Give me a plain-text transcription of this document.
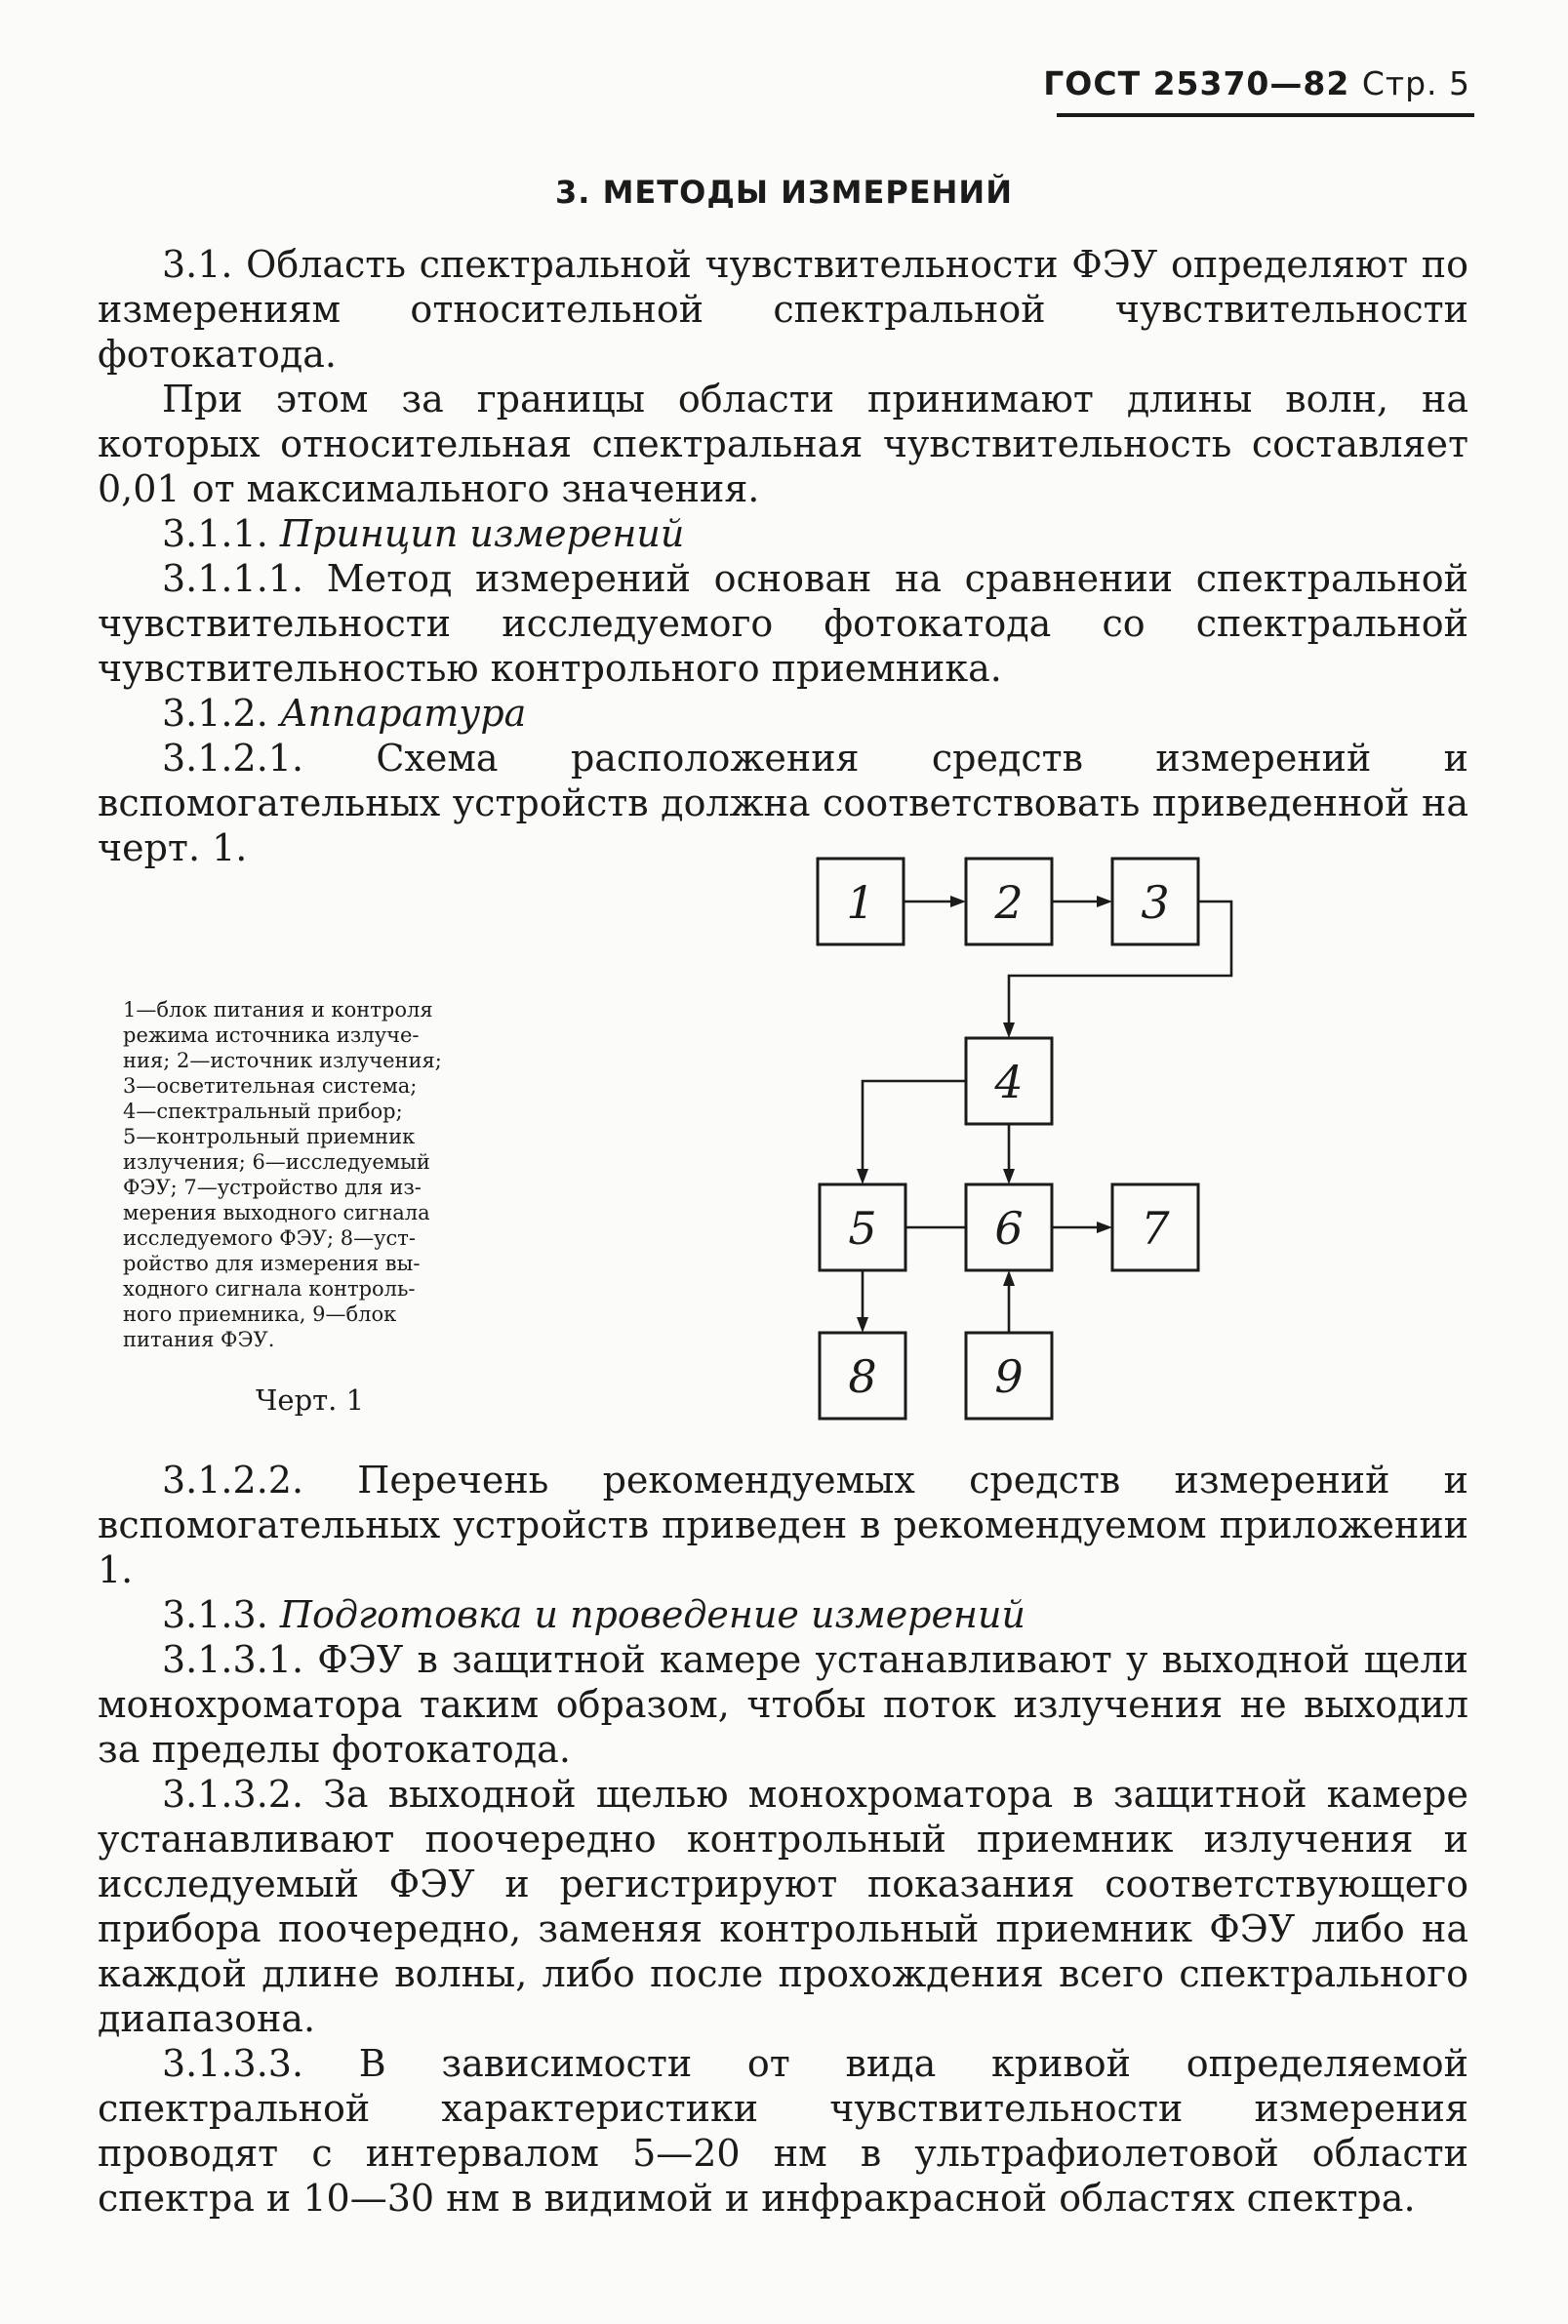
ГОСТ 25370—82 Стр. 5
3. МЕТОДЫ ИЗМЕРЕНИЙ

3.1. Область спектральной чувствительности ФЭУ определяют по измерениям относительной спектральной чувствительности фотокатода.

При этом за границы области принимают длины волн, на которых относительная спектральная чувствительность составляет 0,01 от максимального значения.

3.1.1. Принцип измерений

3.1.1.1. Метод измерений основан на сравнении спектральной чувствительности исследуемого фотокатода со спектральной чувствительностью контрольного приемника.

3.1.2. Аппаратура

3.1.2.1. Схема расположения средств измерений и вспомогательных устройств должна соответствовать приведенной на черт. 1.

1—блок питания и контроля
режима источника излуче-
ния; 2—источник излучения;
3—осветительная система;
4—спектральный прибор;
5—контрольный приемник
излучения; 6—исследуемый
ФЭУ; 7—устройство для из-
мерения выходного сигнала
исследуемого ФЭУ; 8—уст-
ройство для измерения вы-
ходного сигнала контроль-
ного приемника, 9—блок
питания ФЭУ.
Черт. 1
1	2	3
4
5	6	7
8	9

3.1.2.2. Перечень рекомендуемых средств измерений и вспомогательных устройств приведен в рекомендуемом приложении 1.

3.1.3. Подготовка и проведение измерений

3.1.3.1. ФЭУ в защитной камере устанавливают у выходной щели монохроматора таким образом, чтобы поток излучения не выходил за пределы фотокатода.

3.1.3.2. За выходной щелью монохроматора в защитной камере устанавливают поочередно контрольный приемник излучения и исследуемый ФЭУ и регистрируют показания соответствующего прибора поочередно, заменяя контрольный приемник ФЭУ либо на каждой длине волны, либо после прохождения всего спектрального диапазона.

3.1.3.3. В зависимости от вида кривой определяемой спектральной характеристики чувствительности измерения проводят с интервалом 5—20 нм в ультрафиолетовой области спектра и 10—30 нм в видимой и инфракрасной областях спектра.
